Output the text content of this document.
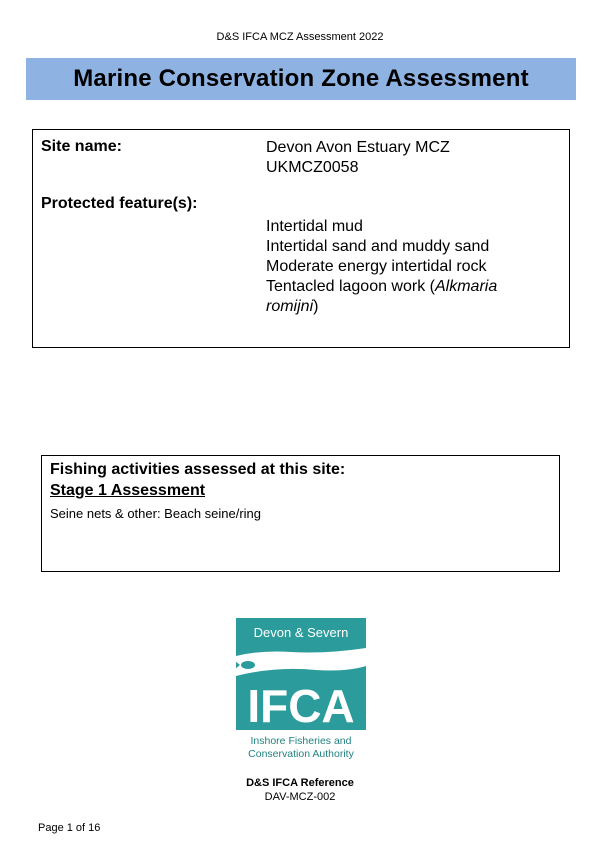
D&S IFCA MCZ Assessment 2022
Marine Conservation Zone Assessment
Site name:	Devon Avon Estuary MCZ
UKMCZ0058
Protected feature(s):
Intertidal mud
Intertidal sand and muddy sand
Moderate energy intertidal rock
Tentacled lagoon work (Alkmaria
romijni)
Fishing activities assessed at this site:
Stage 1 Assessment
Seine nets & other: Beach seine/ring
Devon & Severn
IFCA
Inshore Fisheries and
Conservation Authority
D&S IFCA Reference
DAV-MCZ-002
Page 1 of 16
